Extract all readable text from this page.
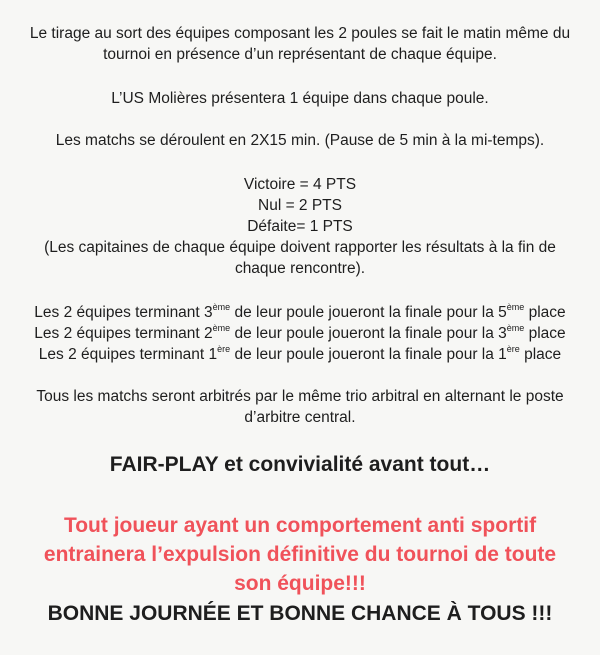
Le tirage au sort des équipes composant les 2 poules se fait le matin même du
tournoi en présence d’un représentant de chaque équipe.

L’US Molières présentera 1 équipe dans chaque poule.

Les matchs se déroulent en 2X15 min. (Pause de 5 min à la mi-temps).

Victoire = 4 PTS
Nul = 2 PTS
Défaite= 1 PTS
(Les capitaines de chaque équipe doivent rapporter les résultats à la fin de
chaque rencontre).

Les 2 équipes terminant 3ème de leur poule joueront la finale pour la 5ème place
Les 2 équipes terminant 2ème de leur poule joueront la finale pour la 3ème place
Les 2 équipes terminant 1ère de leur poule joueront la finale pour la 1ère place

Tous les matchs seront arbitrés par le même trio arbitral en alternant le poste
d’arbitre central.

FAIR-PLAY et convivialité avant tout…

Tout joueur ayant un comportement anti sportif
entrainera l’expulsion définitive du tournoi de toute
son équipe!!!

BONNE JOURNÉE ET BONNE CHANCE À TOUS !!!
